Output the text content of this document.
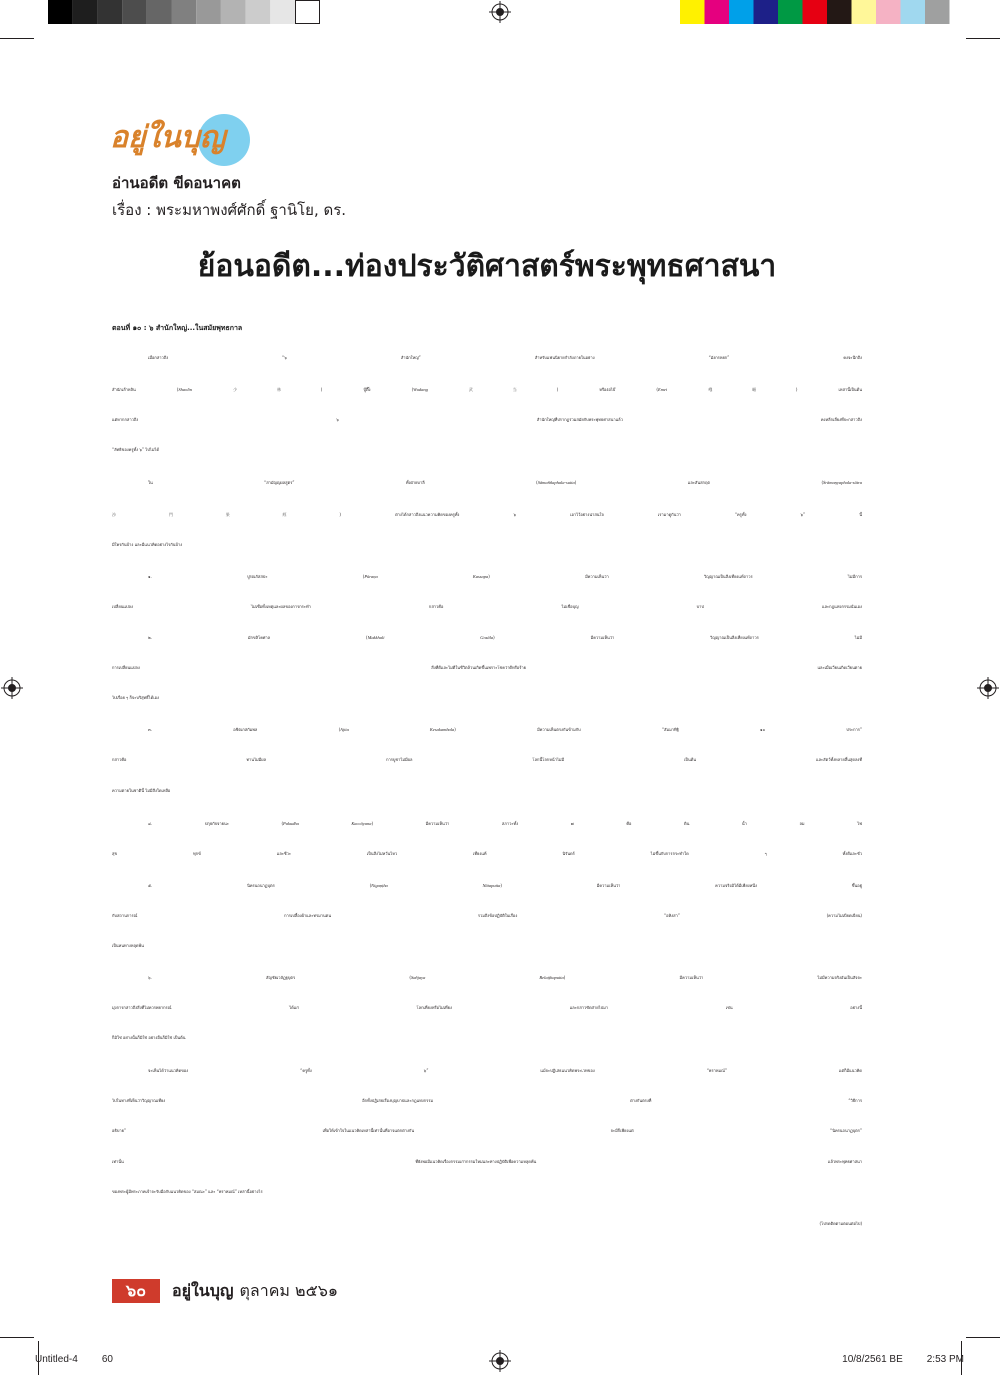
อยู่ในบุญ
อ่านอดีต ขีดอนาคต
เรื่อง : พระมหาพงศ์ศักดิ์ ฐานิโย, ดร.
ย้อนอดีต...ท่องประวัติศาสตร์พระพุทธศาสนา
ตอนที่ ๑๐ : ๖ สำนักใหญ่...ในสมัยพุทธกาล
เมื่อกล่าวถึง “๖ สำนักใหญ่” สำหรับแฟนนิยายกำลังภายในอย่าง “มังกรหยก” คงจะนึกถึง
สำนักเส้าหลิน (Shaolin 少林) บู๊ตึ๊ง (Wudang 武当) หรือง่อไบ๊ (Emei 峨嵋) เหล่านี้เป็นต้น
แต่หากกล่าวถึง ๖ สำนักใหญ่ที่ปรากฏร่วมสมัยกับพระพุทธศาสนาแล้ว คงหลีกเลี่ยงที่จะกล่าวถึง
“ลัทธิของครูทั้ง ๖” ไปไม่ได้
ใน “สามัญญผลสูตร” ทั้งฝ่ายบาลี (Sāmaññaphala-sutta) และสันสกฤต (Śrāmaṇyaphala-sūtra
沙門果經) ต่างได้กล่าวถึงแนวความคิดของครูทั้ง ๖ เอาไว้อย่างน่าสนใจ เรามาดูกันว่า “ครูทั้ง ๖” นี้
มีใครกันบ้าง และมีแนวคิดอย่างไรกันบ้าง
๑. ปูรณกัสสปะ (Pūraṇa Kassapa) มีความเห็นว่า วิญญาณเป็นสิ่งเที่ยงแท้ถาวร ไม่มีการ
เปลี่ยนแปลง ไม่เชื่อทั้งเหตุและผลของการกระทำ กล่าวคือ ไม่เชื่อบุญ บาป และกฎแห่งกรรมนั่นเอง
๒. มักขลิโคศาล (Makkhali Gosāla) มีความเห็นว่า วิญญาณเป็นสิ่งเที่ยงแท้ถาวร ไม่มี
การเปลี่ยนแปลง สิ่งที่ดีและไม่ดีในชีวิตล้วนเกิดขึ้นเพราะโชคว่าดีหรือร้าย และเมื่อเวียนเกิดเวียนตาย
ไปเรื่อย ๆ ก็จะบริสุทธิ์ได้เอง
๓. อชิตเกสกัมพล (Ajita Kesakambala) มีความเห็นตรงกันข้ามกับ “สัมมาทิฐิ ๑๐ ประการ”
กล่าวคือ ทานไม่มีผล การบูชาไม่มีผล โลกนี้โลกหน้าไม่มี เป็นต้น และสัตว์ทั้งหลายสิ้นสุดลงที่
ความตายในชาตินี้ ไม่มีสิ่งใดเหลือ
๔. ปกุธกัจจายนะ (Pakudha Kaccāyana) มีความเห็นว่า สภาวะทั้ง ๗ คือ ดิน น้ำ ลม ไฟ
สุข ทุกข์ และชีวะ เป็นสิ่งไม่หวั่นไหว เที่ยงแท้ นิรันดร์ ไม่ขึ้นกับการกระทำใด ๆ ทั้งดีและชั่ว
๕. นิครนถนาฏบุตร (Nigaṇṭha Nātaputta) มีความเห็นว่า ความจริงมิได้มีเพียงหนึ่ง ขึ้นอยู่
กับสถานการณ์ การเปลื้องผ้าและทรมานตน รวมถึงข้อปฏิบัติในเรื่อง “อหิงสา” (ความไม่เบียดเบียน)
เป็นหนทางหลุดพ้น
๖. สัญชัยเวลัฏฐบุตร (Sañjaya Belaṭṭhaputta) มีความเห็นว่า ไม่มีความจริงอันเป็นสัจจะ
มุ่งการกล่าวถึงสิ่งที่ไม่ควรพยากรณ์ ได้แก่ โลกเที่ยงหรือไม่เที่ยง และกล่าวซัดส่ายไปมา เช่น อย่างนี้
ก็มิใช่ อย่างนั้นก็มิใช่ อย่างอื่นก็มิใช่ เป็นต้น
จะเห็นได้ว่าแนวคิดของ “ครูทั้ง ๖” แม้จะปฏิเสธแนวคิดพระเวทของ “พราหมณ์” แต่ก็มีแนวคิด
ไปในทางที่เห็นว่าวิญญาณเที่ยง อีกทั้งปฏิเสธเรื่องบุญบาปและกฎแห่งกรรม ต่างกันตรงที่ “วิธีการ
อธิบาย” เพื่อให้เข้าใจในแนวคิดเหล่านี้เท่านั้นที่อาจแตกต่างกัน จะมีก็เพียงแต่ “นิครนถนาฏบุตร”
เท่านั้น ที่ยังพอมีแนวคิดเรื่องกรรมเก่ากรรมใหม่และทางปฏิบัติเพื่อความหลุดพ้น แล้วพระพุทธศาสนา
ของพระผู้มีพระภาคเจ้าจะรับมือกับแนวคิดของ “สมณะ” และ “พราหมณ์” เหล่านี้อย่างไร
(โปรดติดตามตอนต่อไป)
๖๐	อยู่ในบุญ ตุลาคม ๒๕๖๑
Untitled-4 60	10/8/2561 BE 2:53 PM
